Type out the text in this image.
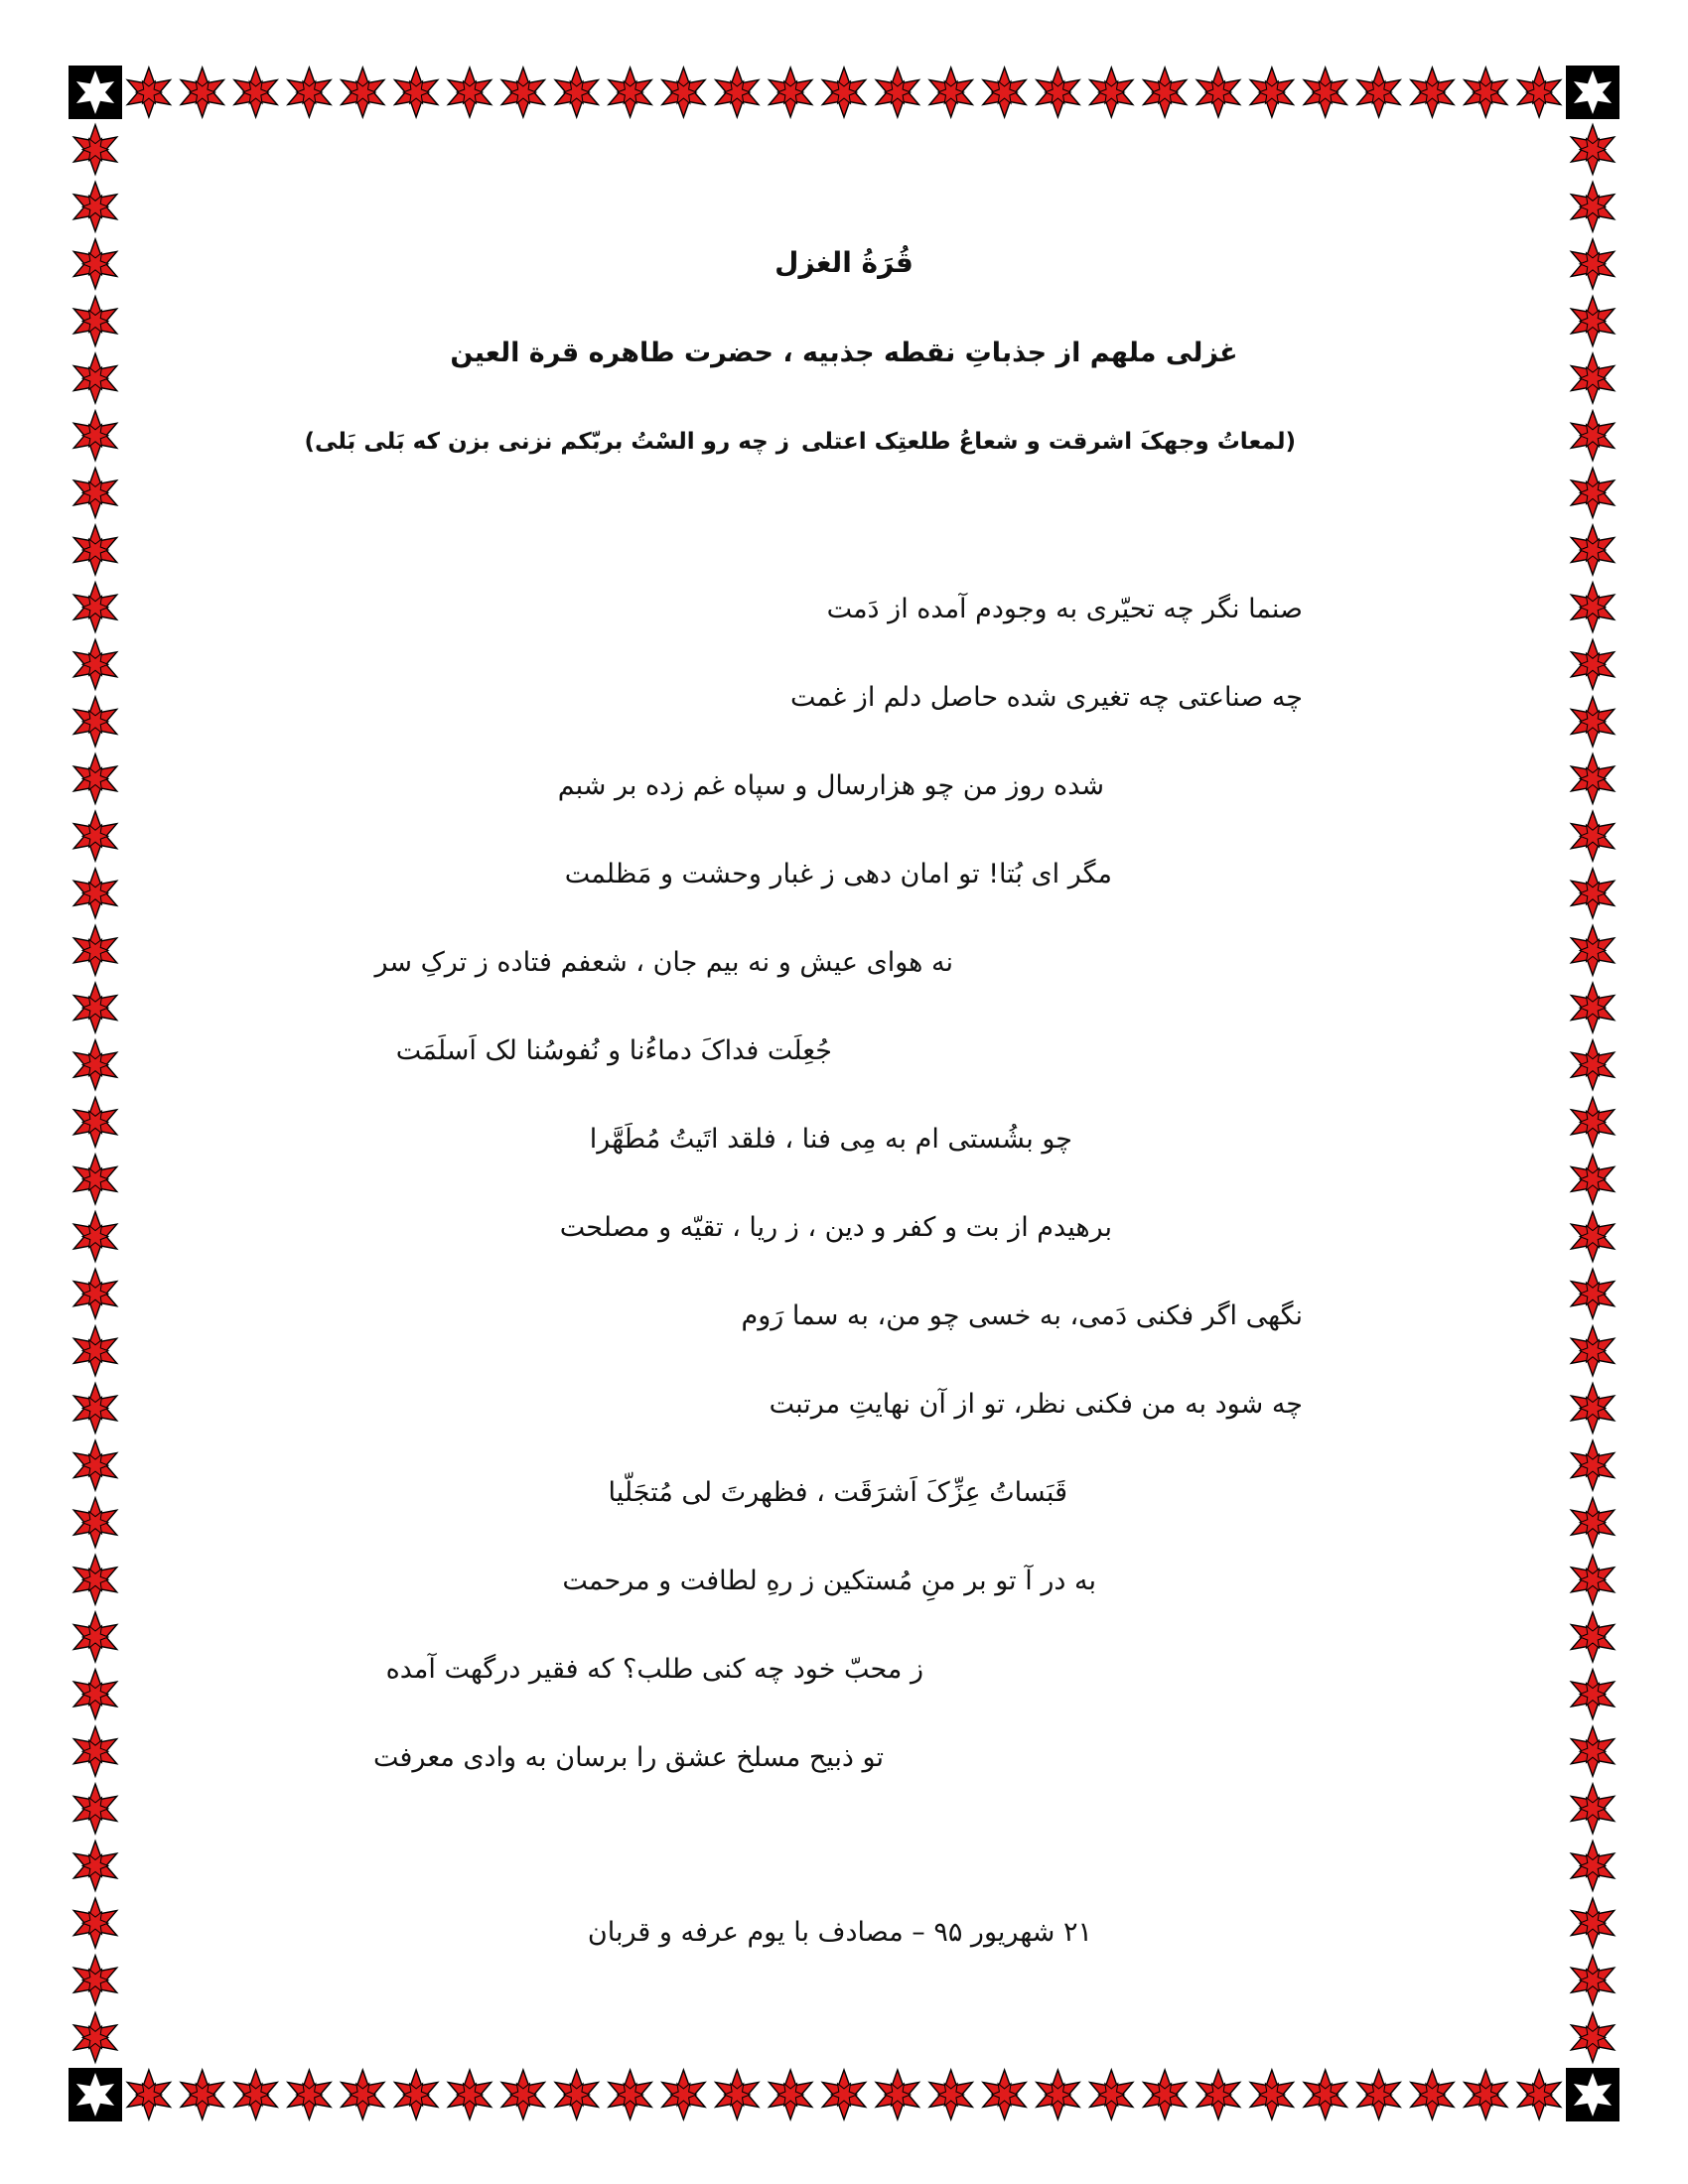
قُرَةُ الغزل
غزلی ملهم از جذباتِ نقطه جذبیه ، حضرت طاهره قرة العین
(لمعاتُ وجهکَ اشرقت و شعاعُ طلعتِک اعتلی
ز چه رو السْتُ بربّکم نزنی بزن که بَلی بَلی)
صنما نگر چه تحیّری به وجودم آمده از دَمت
چه صناعتی چه تغیری شده حاصل دلم از غمت
شده روز من چو هزارسال و سپاه غم زده بر شبم
مگر ای بُتا! تو امان دهی ز غبار وحشت و مَظلمت
نه هوای عیش و نه بیم جان ، شعفم فتاده ز ترکِ سر
جُعِلَت فداکَ دماءُنا و نُفوسُنا لک اَسلَمَت
چو بشُستی ام به مِی فنا ، فلقد اتَیتُ مُطَهَّرا
برهیدم از بت و کفر و دین ، ز ریا ، تقیّه و مصلحت
نگهی اگر فکنی دَمی، به خسی چو من، به سما رَوم
چه شود به من فکنی نظر، تو از آن نهایتِ مرتبت
قَبَساتُ عِزِّکَ اَشرَقَت ، فظهرتَ لی مُتجَلّیا
به در آ تو بر منِ مُستکین ز رهِ لطافت و مرحمت
ز محبّ خود چه کنی طلب؟ که فقیر درگهت آمده
تو ذبیح مسلخ عشق را برسان به وادی معرفت
۲۱ شهریور ۹۵ – مصادف با یوم عرفه و قربان
